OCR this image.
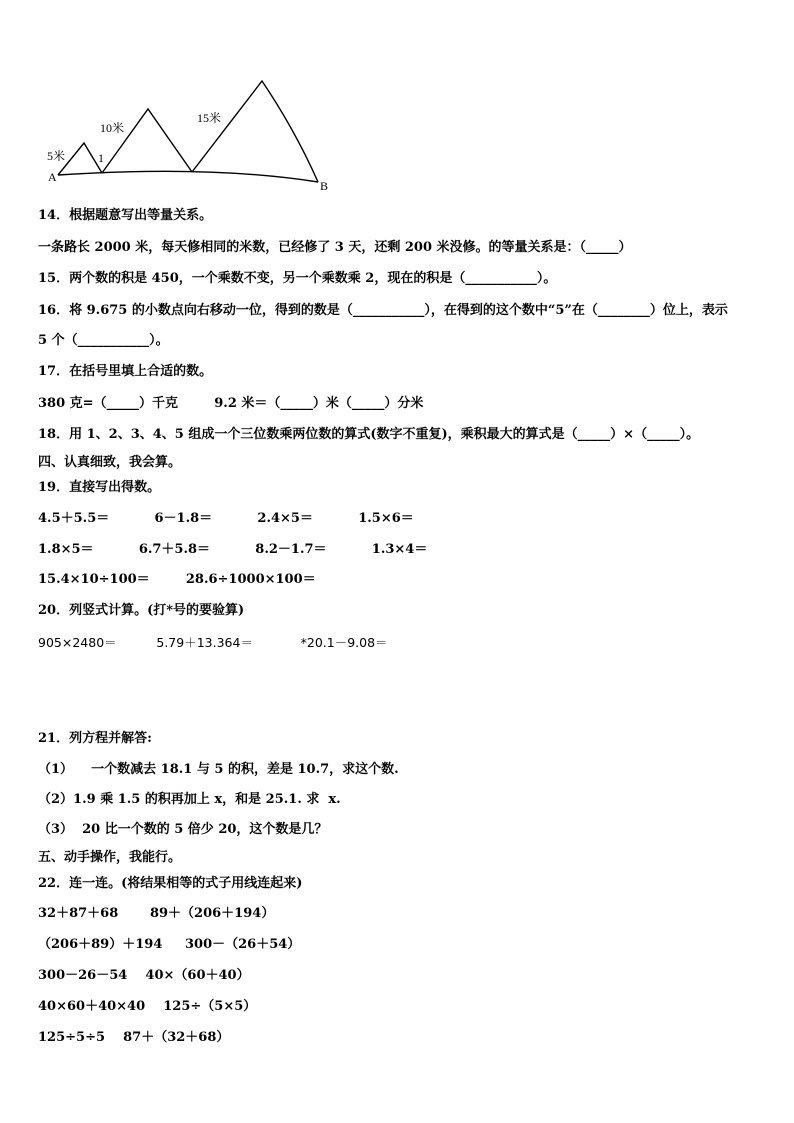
5米
10米
15米
1
A
B
14．根据题意写出等量关系。
一条路长 2000 米，每天修相同的米数，已经修了 3 天，还剩 200 米没修。的等量关系是：（_____）
15．两个数的积是 450，一个乘数不变，另一个乘数乘 2，现在的积是（___________）。
16．将 9.675 的小数点向右移动一位，得到的数是（___________），在得到的这个数中“5”在（________）位上，表示
5 个（___________）。
17．在括号里填上合适的数。
380 克=（_____）千克        9.2 米＝（_____）米（_____）分米
18．用 1、2、3、4、5 组成一个三位数乘两位数的算式(数字不重复)，乘积最大的算式是（_____）×（_____）。
四、认真细致，我会算。
19．直接写出得数。
4.5＋5.5＝          6－1.8＝          2.4×5＝          1.5×6＝
1.8×5＝          6.7＋5.8＝          8.2－1.7＝          1.3×4＝
15.4×10÷100＝        28.6÷1000×100＝
20．列竖式计算。(打*号的要验算)
905×2480＝          5.79＋13.364＝            *20.1－9.08＝
21．列方程并解答:
（1）    一个数减去 18.1 与 5 的积，差是 10.7，求这个数.
（2）1.9 乘 1.5 的积再加上 x，和是 25.1. 求  x.
（3）  20 比一个数的 5 倍少 20，这个数是几？
五、动手操作，我能行。
22．连一连。(将结果相等的式子用线连起来)
32＋87＋68       89＋（206＋194）
（206＋89）＋194     300－（26＋54）
300－26－54    40×（60＋40）
40×60＋40×40    125÷（5×5）
125÷5÷5    87＋（32＋68）
